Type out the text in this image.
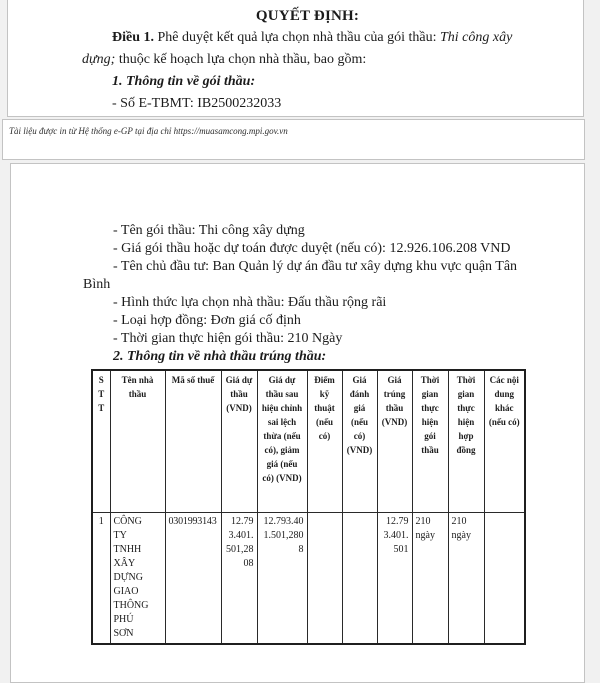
QUYẾT ĐỊNH:

Điều 1. Phê duyệt kết quả lựa chọn nhà thầu của gói thầu: Thi công xây dựng; thuộc kế hoạch lựa chọn nhà thầu, bao gồm:

1. Thông tin về gói thầu:

- Số E-TBMT: IB2500232033

Tài liệu được in từ Hệ thống e-GP tại địa chỉ https://muasamcong.mpi.gov.vn

- Tên gói thầu: Thi công xây dựng

- Giá gói thầu hoặc dự toán được duyệt (nếu có): 12.926.106.208 VND

- Tên chủ đầu tư: Ban Quản lý dự án đầu tư xây dựng khu vực quận Tân Bình

- Hình thức lựa chọn nhà thầu: Đấu thầu rộng rãi

- Loại hợp đồng: Đơn giá cố định

- Thời gian thực hiện gói thầu: 210 Ngày

2. Thông tin về nhà thầu trúng thầu:

STT	Tên nhà thầu	Mã số thuế	Giá dự thầu (VND)	Giá dự thầu sau hiệu chỉnh sai lệch thừa (nếu có), giảm giá (nếu có) (VND)	Điểm kỹ thuật (nếu có)	Giá đánh giá (nếu có) (VND)	Giá trúng thầu (VND)	Thời gian thực hiện gói thầu	Thời gian thực hiện hợp đồng	Các nội dung khác (nếu có)
1	CÔNG TY TNHH XÂY DỰNG GIAO THÔNG PHÚ SƠN	0301993143	12.793.401.501,2808	12.793.401.501,2808			12.793.401.501	210 ngày	210 ngày	
